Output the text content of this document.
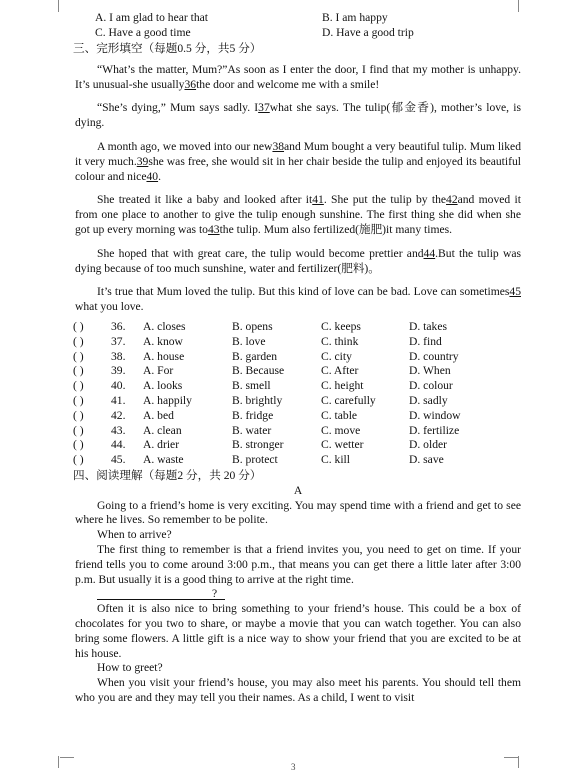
A. I am glad to hear that	B. I am happy
C. Have a good time	D. Have a good trip
三、完形填空（每题0.5 分，共5 分）

“What’s the matter, Mum?”As soon as I enter the door, I find that my mother is unhappy. It’s unusual-she usually36the door and welcome me with a smile!

“She’s dying,” Mum says sadly. I37what she says. The tulip(郁金香), mother’s love, is dying.

A month ago, we moved into our new38and Mum bought a very beautiful tulip. Mum liked it very much.39she was free, she would sit in her chair beside the tulip and enjoyed its beautiful colour and nice40.

She treated it like a baby and looked after it41. She put the tulip by the42and moved it from one place to another to give the tulip enough sunshine. The first thing she did when she got up every morning was to43the tulip. Mum also fertilized(施肥)it many times.

She hoped that with great care, the tulip would become prettier and44.But the tulip was dying because of too much sunshine, water and fertilizer(肥料)。

It’s true that Mum loved the tulip. But this kind of love can be bad. Love can sometimes45 what you love.

( ) 36. A. closes	B. opens	C. keeps	D. takes
( ) 37. A. know	B. love	C. think	D. find
( ) 38. A. house	B. garden	C. city	D. country
( ) 39. A. For	B. Because	C. After	D. When
( ) 40. A. looks	B. smell	C. height	D. colour
( ) 41. A. happily	B. brightly	C. carefully	D. sadly
( ) 42. A. bed	B. fridge	C. table	D. window
( ) 43. A. clean	B. water	C. move	D. fertilize
( ) 44. A. drier	B. stronger	C. wetter	D. older
( ) 45. A. waste	B. protect	C. kill	D. save
四、阅读理解（每题2 分，共 20 分）
A

Going to a friend’s home is very exciting. You may spend time with a friend and get to see where he lives. So remember to be polite.

When to arrive?

The first thing to remember is that a friend invites you, you need to get on time. If your friend tells you to come around 3:00 p.m., that means you can get there a little later after 3:00 p.m. But usually it is a good thing to arrive at the right time.

?

Often it is also nice to bring something to your friend’s house. This could be a box of chocolates for you two to share, or maybe a movie that you can watch together. You can also bring some flowers. A little gift is a nice way to show your friend that you are excited to be at his house.

How to greet?

When you visit your friend’s house, you may also meet his parents. You should tell them who you are and they may tell you their names. As a child, I went to visit

3
